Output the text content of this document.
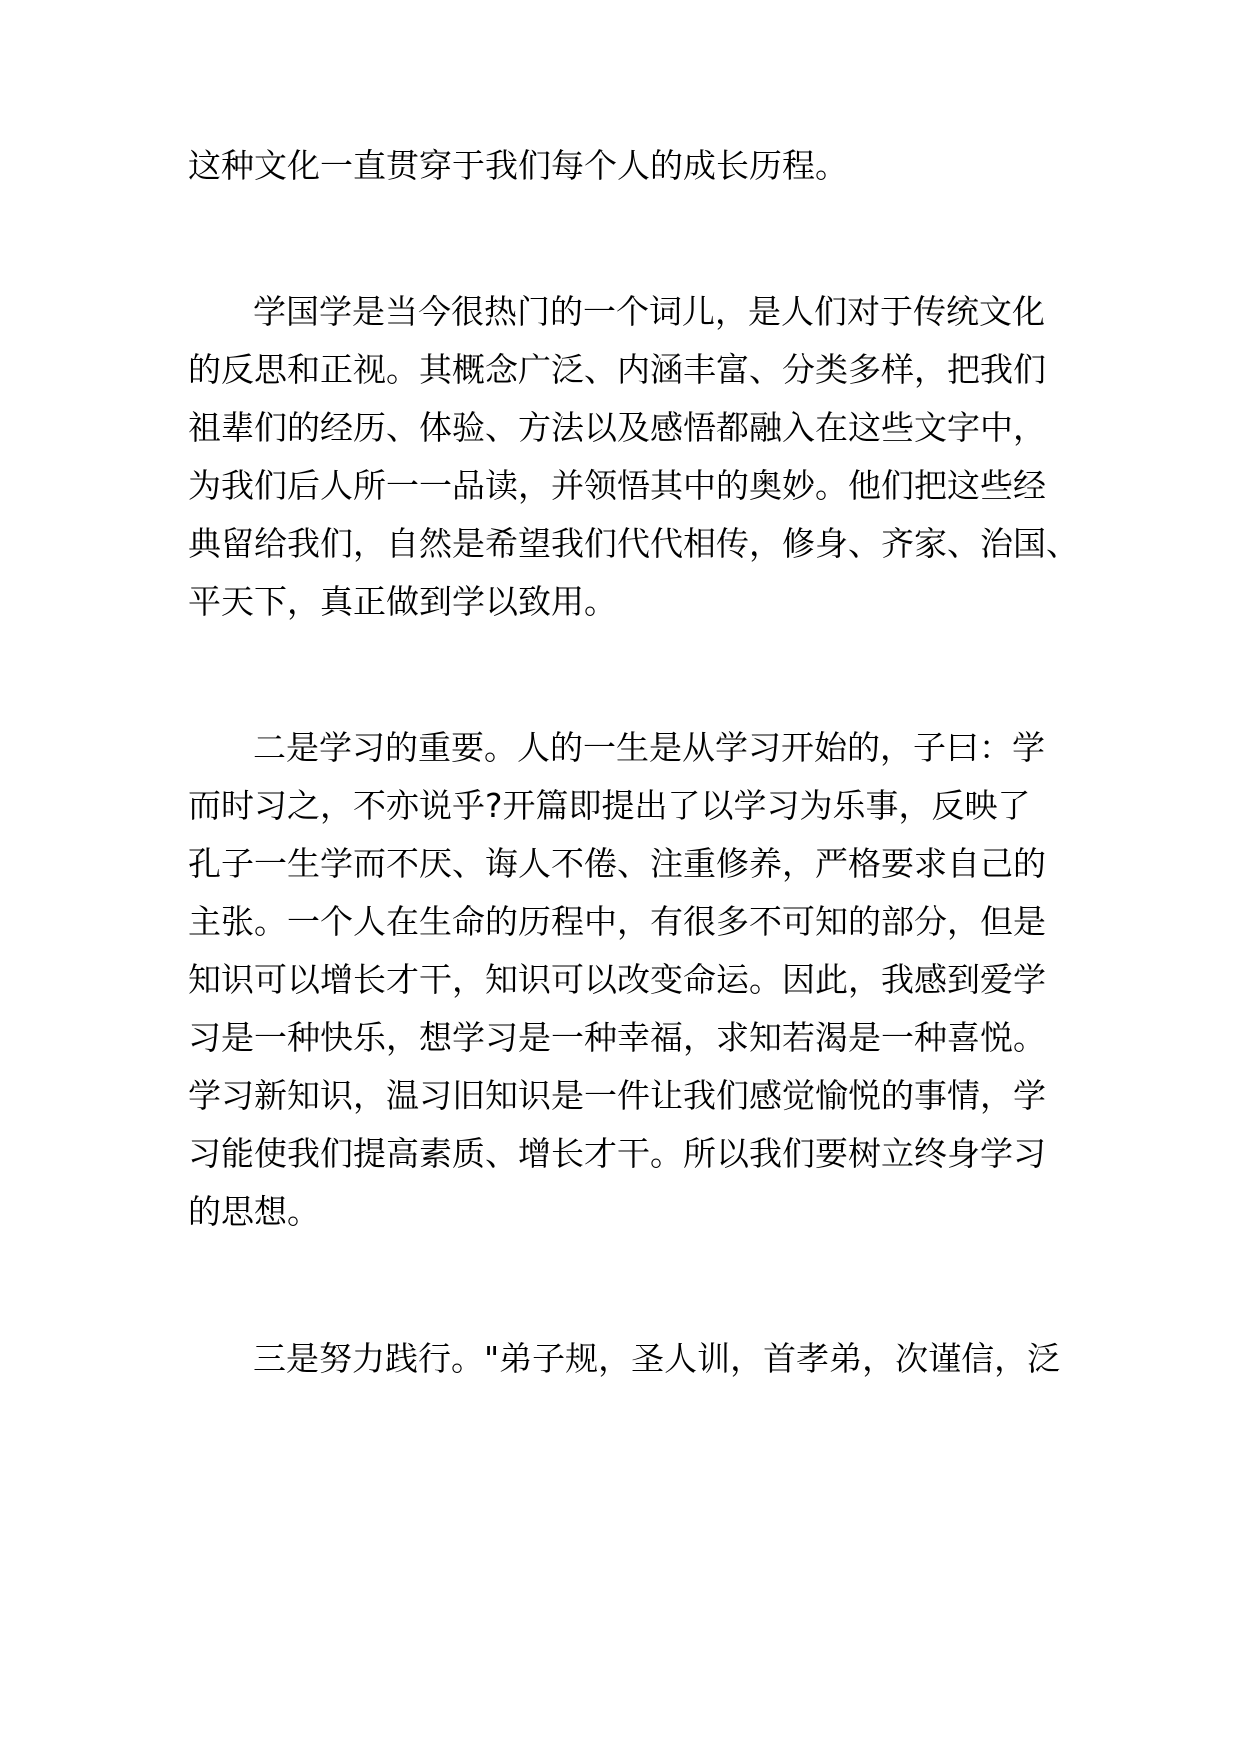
这种文化一直贯穿于我们每个人的成长历程。

学国学是当今很热门的一个词儿，是人们对于传统文化

的反思和正视。其概念广泛、内涵丰富、分类多样，把我们

祖辈们的经历、体验、方法以及感悟都融入在这些文字中，

为我们后人所一一品读，并领悟其中的奥妙。他们把这些经

典留给我们，自然是希望我们代代相传，修身、齐家、治国、

平天下，真正做到学以致用。

二是学习的重要。人的一生是从学习开始的，子曰：学

而时习之，不亦说乎?开篇即提出了以学习为乐事，反映了

孔子一生学而不厌、诲人不倦、注重修养，严格要求自己的

主张。一个人在生命的历程中，有很多不可知的部分，但是

知识可以增长才干，知识可以改变命运。因此，我感到爱学

习是一种快乐，想学习是一种幸福，求知若渴是一种喜悦。

学习新知识，温习旧知识是一件让我们感觉愉悦的事情，学

习能使我们提高素质、增长才干。所以我们要树立终身学习

的思想。

三是努力践行。"弟子规，圣人训，首孝弟，次谨信，泛
